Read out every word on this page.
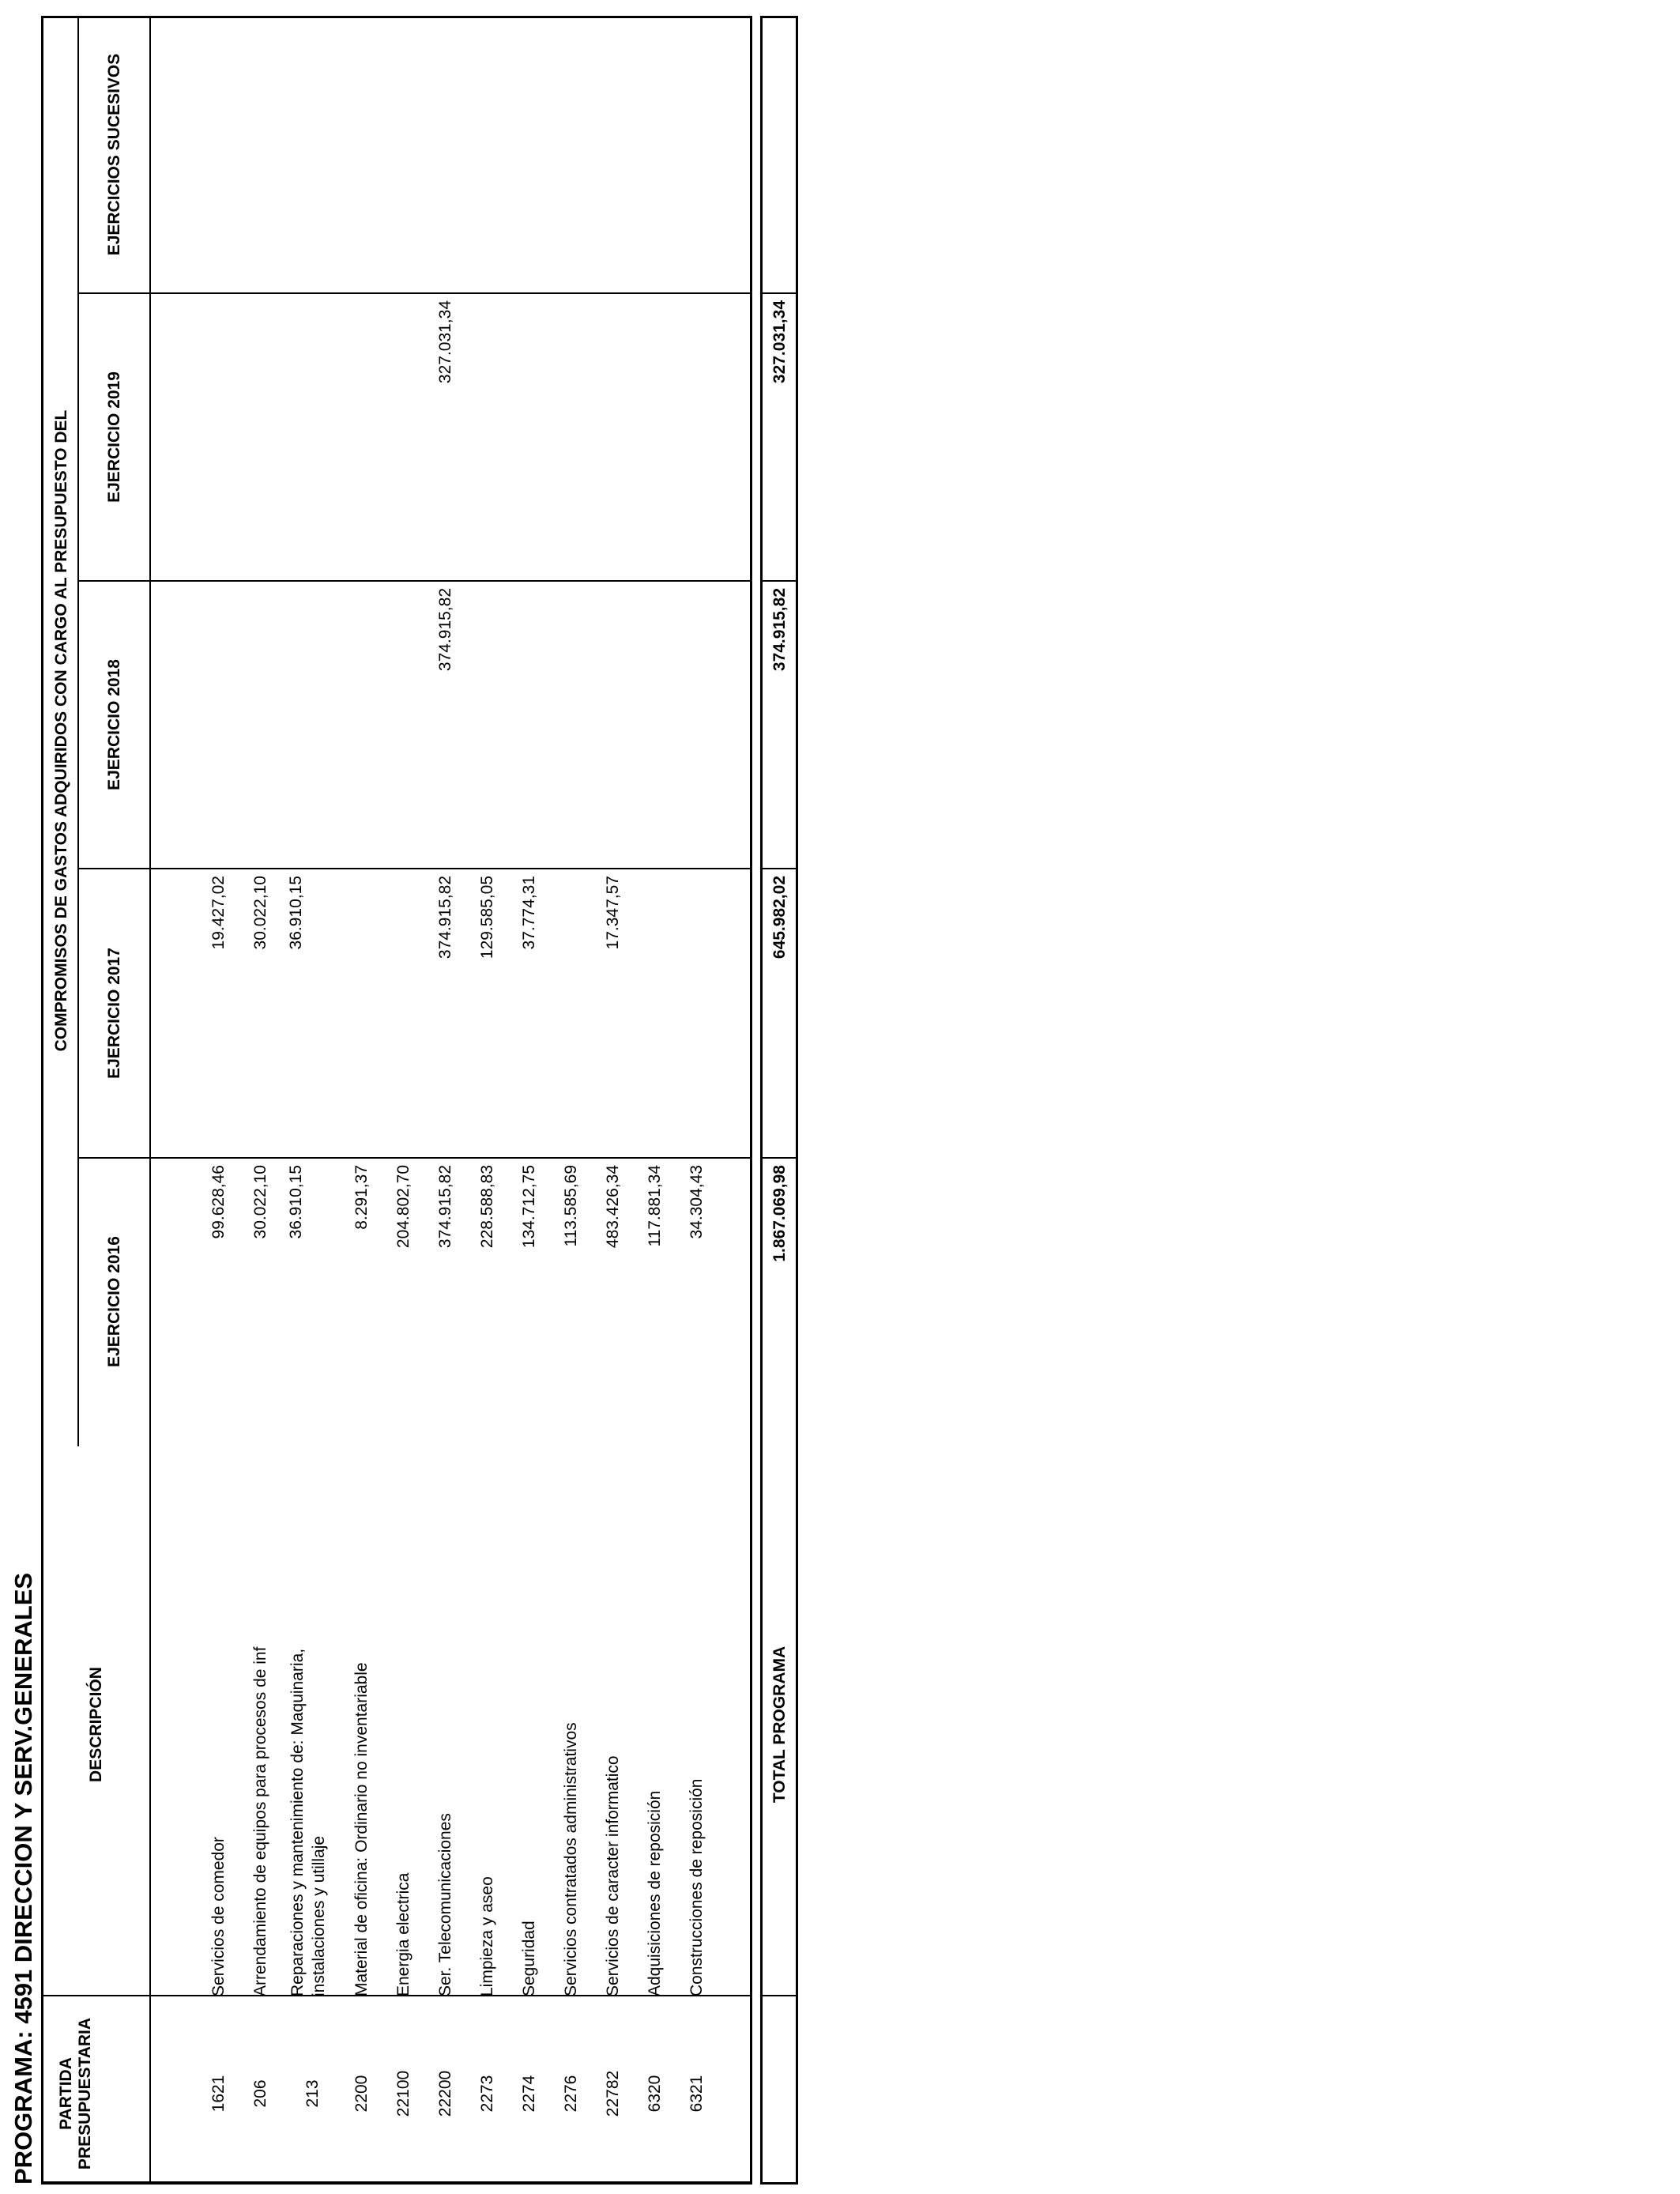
PROGRAMA: 4591 DIRECCION Y SERV.GENERALES PARTIDA PRESUPUESTARIA
DESCRIPCIÓN
COMPROMISOS DE GASTOS ADQUIRIDOS CON CARGO AL PRESUPUESTO DEL
EJERCICIO 2016
EJERCICIO 2017
EJERCICIO 2018
EJERCICIO 2019
EJERCICIOS SUCESIVOS
1621
Servicios de comedor
99.628,46
19.427,02
206
Arrendamiento de equipos para procesos de inf
30.022,10
30.022,10
213
Reparaciones y mantenimiento de: Maquinaria, instalaciones y utillaje
36.910,15
36.910,15
2200
Material de oficina: Ordinario no inventariable
8.291,37
22100
Energia electrica
204.802,70
22200
Ser. Telecomunicaciones
374.915,82
374.915,82
374.915,82
327.031,34
2273
Limpieza y aseo
228.588,83
129.585,05
2274
Seguridad
134.712,75
37.774,31
2276
Servicios contratados administrativos
113.585,69
22782
Servicios de caracter informatico
483.426,34
17.347,57
6320
Adquisiciones de reposición
117.881,34
6321
Construcciones de reposición
34.304,43
TOTAL PROGRAMA
1.867.069,98
645.982,02
374.915,82
327.031,34
